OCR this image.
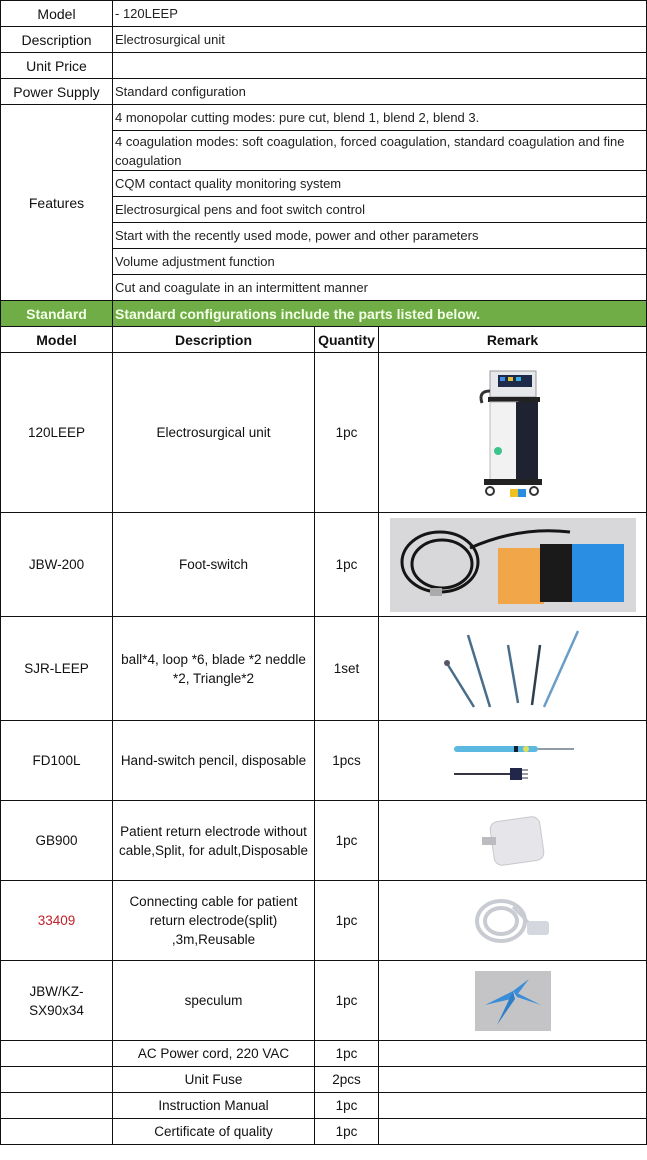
Model	- 120LEEP		
Description	Electrosurgical unit		
Unit Price			
Power Supply	Standard configuration		
Features	4 monopolar cutting modes: pure cut, blend 1, blend 2, blend 3.		
	4 coagulation modes: soft coagulation, forced coagulation, standard coagulation and fine coagulation		
	CQM contact quality monitoring system		
	Electrosurgical pens and foot switch control		
	Start with the recently used mode, power and other parameters		
	Volume adjustment function		
	Cut and coagulate in an intermittent manner		
Standard	Standard configurations include the parts listed below.		
Model	Description	Quantity	Remark
120LEEP	Electrosurgical unit	1pc	

JBW-200	Foot-switch	1pc	

SJR-LEEP	ball*4, loop *6, blade *2 neddle *2, Triangle*2	1set	

FD100L	Hand-switch pencil, disposable	1pcs	

GB900	Patient return electrode without cable,Split, for adult,Disposable	1pc	

33409	Connecting cable for patient return electrode(split) ,3m,Reusable	1pc	

JBW/KZ-SX90x34	speculum	1pc	

	AC Power cord, 220 VAC	1pc	
	Unit Fuse	2pcs	
	Instruction Manual	1pc	
	Certificate of quality	1pc	
